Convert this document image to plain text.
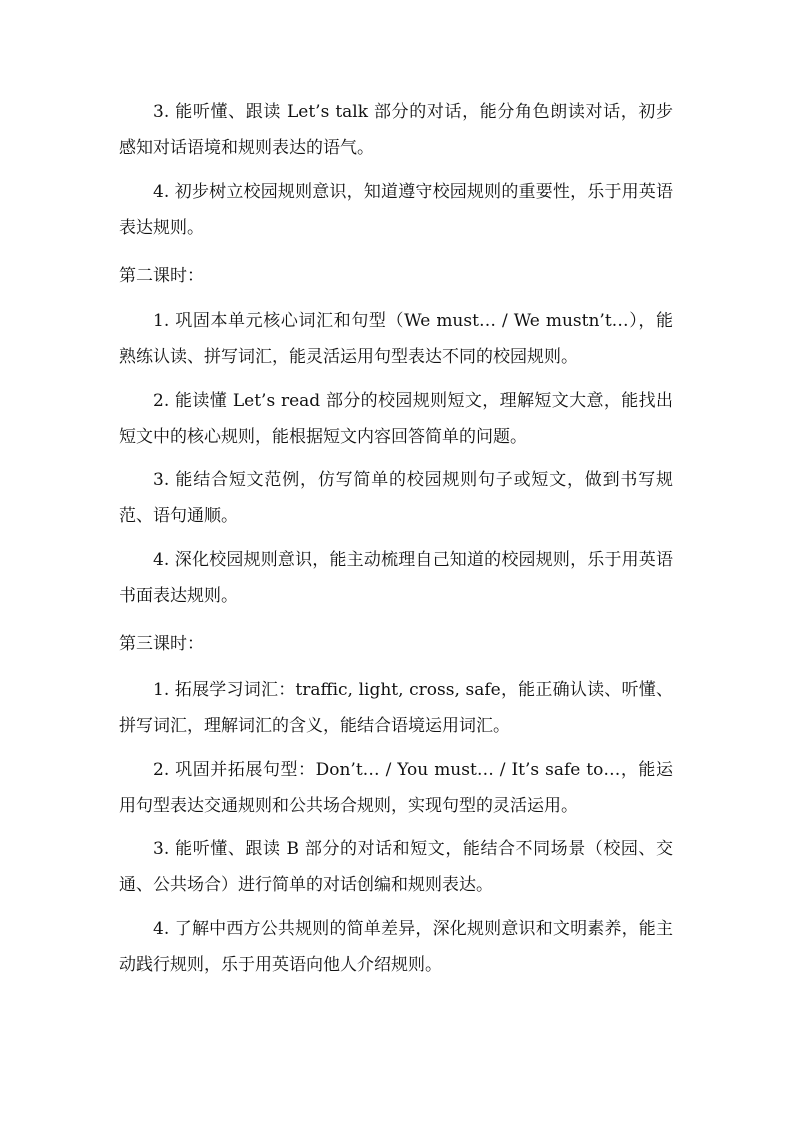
3. 能听懂、跟读 Let’s talk 部分的对话，能分角色朗读对话，初步感知对话语境和规则表达的语气。

4. 初步树立校园规则意识，知道遵守校园规则的重要性，乐于用英语表达规则。

第二课时：

1. 巩固本单元核心词汇和句型（We must… / We mustn’t…），能熟练认读、拼写词汇，能灵活运用句型表达不同的校园规则。

2. 能读懂 Let’s read 部分的校园规则短文，理解短文大意，能找出短文中的核心规则，能根据短文内容回答简单的问题。

3. 能结合短文范例，仿写简单的校园规则句子或短文，做到书写规范、语句通顺。

4. 深化校园规则意识，能主动梳理自己知道的校园规则，乐于用英语书面表达规则。

第三课时：

1. 拓展学习词汇：traffic, light, cross, safe，能正确认读、听懂、拼写词汇，理解词汇的含义，能结合语境运用词汇。

2. 巩固并拓展句型：Don’t… / You must… / It’s safe to…，能运用句型表达交通规则和公共场合规则，实现句型的灵活运用。

3. 能听懂、跟读 B 部分的对话和短文，能结合不同场景（校园、交通、公共场合）进行简单的对话创编和规则表达。

4. 了解中西方公共规则的简单差异，深化规则意识和文明素养，能主动践行规则，乐于用英语向他人介绍规则。
